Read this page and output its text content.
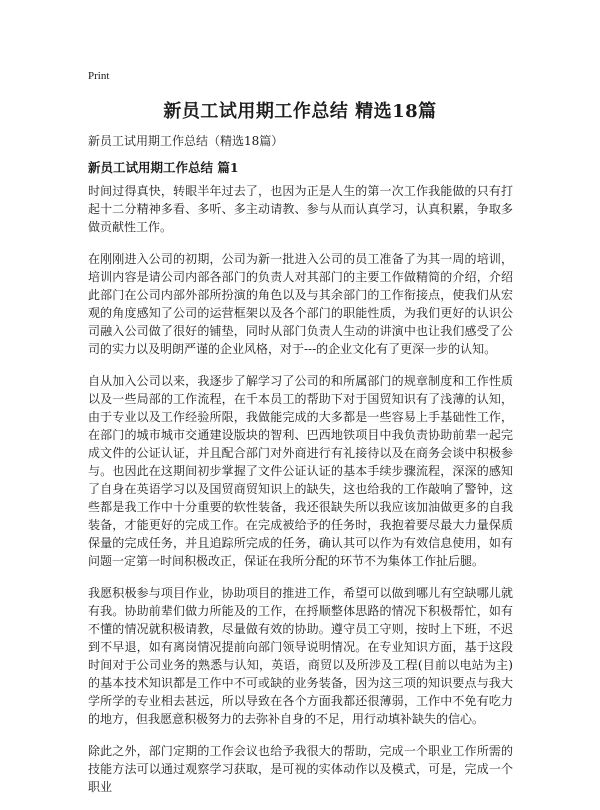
Print
新员工试用期工作总结 精选18篇
新员工试用期工作总结（精选18篇）
新员工试用期工作总结 篇1

时间过得真快，转眼半年过去了，也因为正是人生的第一次工作我能做的只有打起十二分精神多看、多听、多主动请教、参与从而认真学习，认真积累，争取多做贡献性工作。

在刚刚进入公司的初期，公司为新一批进入公司的员工准备了为其一周的培训，培训内容是请公司内部各部门的负责人对其部门的主要工作做精简的介绍，介绍此部门在公司内部外部所扮演的角色以及与其余部门的工作衔接点，使我们从宏观的角度感知了公司的运营框架以及各个部门的职能性质，为我们更好的认识公司融入公司做了很好的铺垫，同时从部门负责人生动的讲演中也让我们感受了公司的实力以及明朗严谨的企业风格，对于---的企业文化有了更深一步的认知。

自从加入公司以来，我逐步了解学习了公司的和所属部门的规章制度和工作性质以及一些局部的工作流程，在千本员工的帮助下对于国贸知识有了浅薄的认知，由于专业以及工作经验所限，我做能完成的大多都是一些容易上手基础性工作，在部门的城市城市交通建设版块的智利、巴西地铁项目中我负责协助前辈一起完成文件的公证认证，并且配合部门对外商进行有礼接待以及在商务会谈中积极参与。也因此在这期间初步掌握了文件公证认证的基本手续步骤流程，深深的感知了自身在英语学习以及国贸商贸知识上的缺失，这也给我的工作敲响了警钟，这些都是我工作中十分重要的软性装备，我还很缺失所以我应该加油做更多的自我装备，才能更好的完成工作。在完成被给予的任务时，我抱着要尽最大力量保质保量的完成任务，并且追踪所完成的任务，确认其可以作为有效信息使用，如有问题一定第一时间积极改正，保证在我所分配的环节不为集体工作扯后腿。

我愿积极参与项目作业，协助项目的推进工作，希望可以做到哪儿有空缺哪儿就有我。协助前辈们做力所能及的工作，在捋顺整体思路的情况下积极帮忙，如有不懂的情况就积极请教，尽量做有效的协助。遵守员工守则，按时上下班，不迟到不早退，如有离岗情况提前向部门领导说明情况。在专业知识方面，基于这段时间对于公司业务的熟悉与认知，英语，商贸以及所涉及工程(目前以电站为主)的基本技术知识都是工作中不可或缺的业务装备，因为这三项的知识要点与我大学所学的专业相去甚远，所以导致在各个方面我都还很薄弱，工作中不免有吃力的地方，但我愿意积极努力的去弥补自身的不足，用行动填补缺失的信心。

除此之外，部门定期的工作会议也给予我很大的帮助，完成一个职业工作所需的技能方法可以通过观察学习获取，是可视的实体动作以及模式，可是，完成一个职业
